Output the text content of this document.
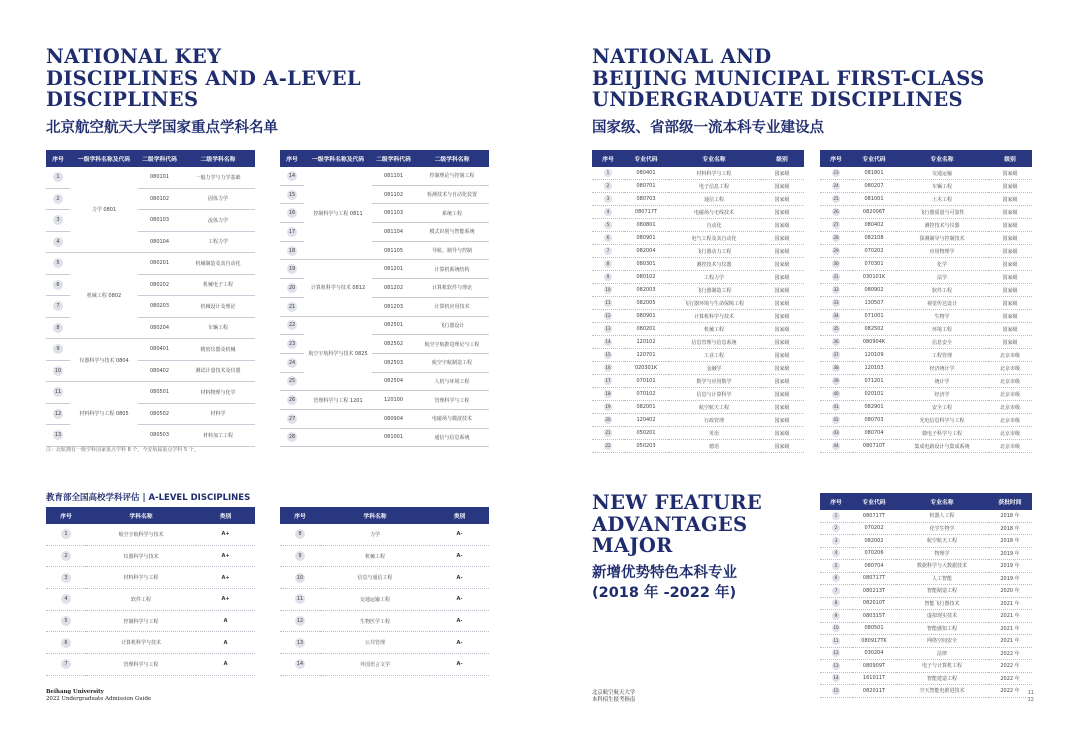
NATIONAL KEY
DISCIPLINES AND A-LEVEL
DISCIPLINES
北京航空航天大学国家重点学科名单
序号	一级学科名称及代码	二级学科代码	二级学科名称
1	力学 0801	080101	一般力学与力学基础
2		080102	固体力学
3		080103	流体力学
4		080104	工程力学
5	机械工程 0802	080201	机械制造及其自动化
6		080202	机械电子工程
7		080203	机械设计及理论
8		080204	车辆工程
9	仪器科学与技术 0804	080401	精密仪器及机械
10		080402	测试计量技术及仪器
11	材料科学与工程 0805	080501	材料物理与化学
12		080502	材料学
13		080503	材料加工工程
序号	一级学科名称及代码	二级学科代码	二级学科名称
14	控制科学与工程 0811	081101	控制理论与控制工程
15		081102	检测技术与自动化装置
16		081103	系统工程
17		081104	模式识别与智能系统
18		081105	导航、制导与控制
19	计算机科学与技术 0812	081201	计算机系统结构
20		081202	计算机软件与理论
21		081203	计算机应用技术
22	航空宇航科学与技术 0825	082501	飞行器设计
23		082502	航空宇航推进理论与工程
24		082503	航空宇航制造工程
25		082504	人机与环境工程
26	管理科学与工程 1201	120100	管理科学与工程
27		080904	电磁场与微波技术
28		081001	通信与信息系统
注：北航拥有一级学科国家重点学科 8 个，今安航属重点学科 5 个。
教育部全国高校学科评估 | A-LEVEL DISCIPLINES
序号	学科名称	类别
1	航空宇航科学与技术	A+
2	仪器科学与技术	A+
3	材料科学与工程	A+
4	软件工程	A+
5	控制科学与工程	A
6	计算机科学与技术	A
7	管理科学与工程	A
序号	学科名称	类别
8	力学	A-
9	机械工程	A-
10	信息与通信工程	A-
11	交通运输工程	A-
12	生物医学工程	A-
13	公共管理	A-
14	外国语言文学	A-
Beihang University
2022 Undergraduate Admission Guide
NATIONAL AND
BEIJING MUNICIPAL FIRST-CLASS
UNDERGRADUATE DISCIPLINES
国家级、省部级一流本科专业建设点
序号	专业代码	专业名称	级别
1	080401	材料科学与工程	国家级
2	080701	电子信息工程	国家级
3	080703	通信工程	国家级
4	080717T	电磁场与无线技术	国家级
5	080801	自动化	国家级
6	080901	电气工程及其自动化	国家级
7	082004	飞行器动力工程	国家级
8	080301	测控技术与仪器	国家级
9	080102	工程力学	国家级
10	082003	飞行器制造工程	国家级
11	082005	飞行器环境与生命保障工程	国家级
12	080901	计算机科学与技术	国家级
13	080201	机械工程	国家级
14	120102	信息管理与信息系统	国家级
15	120701	工业工程	国家级
16	020301K	金融学	国家级
17	070101	数学与应用数学	国家级
18	070102	信息与计算科学	国家级
19	082001	航空航天工程	国家级
20	120402	行政管理	国家级
21	050201	英语	国家级
22	050203	德语	国家级
序号	专业代码	专业名称	级别
23	081801	交通运输	国家级
24	080207	车辆工程	国家级
25	081001	土木工程	国家级
26	082006T	飞行器质量与可靠性	国家级
27	080402	测控技术与仪器	国家级
28	082108	探测制导与控制技术	国家级
29	070202	应用物理学	国家级
30	070301	化学	国家级
31	030101K	法学	国家级
32	080902	软件工程	国家级
33	130507	视觉传达设计	国家级
34	071001	生物学	国家级
35	082502	环境工程	国家级
36	080904K	信息安全	国家级
37	120109	工程管理	北京市级
38	120103	经济统计学	北京市级
39	071201	统计学	北京市级
40	020101	经济学	北京市级
41	082901	安全工程	北京市级
42	080703	光电信息科学与工程	北京市级
43	080704	微电子科学与工程	北京市级
44	080710T	集成电路设计与集成系统	北京市级
NEW FEATURE
ADVANTAGES
MAJOR
新增优势特色本科专业
(2018 年 -2022 年)
序号	专业代码	专业名称	获批时间
1	080717T	机器人工程	2018 年
2	070202	化学生物学	2018 年
3	082002	航空航天工程	2018 年
4	070206	物理学	2019 年
5	080704	数据科学与大数据技术	2019 年
6	080717T	人工智能	2019 年
7	080213T	智能制造工程	2020 年
8	082010T	智能飞行器技术	2021 年
9	080315T	虚拟现实技术	2021 年
10	080501	智能感知工程	2021 年
11	080917TK	网络空间安全	2021 年
12	030204	法律	2022 年
13	080909T	电子与计算机工程	2022 年
14	161011T	智能建造工程	2022 年
15	082011T	空天智能电推进技术	2022 年
北京航空航天大学
本科招生报考指南
11
12
